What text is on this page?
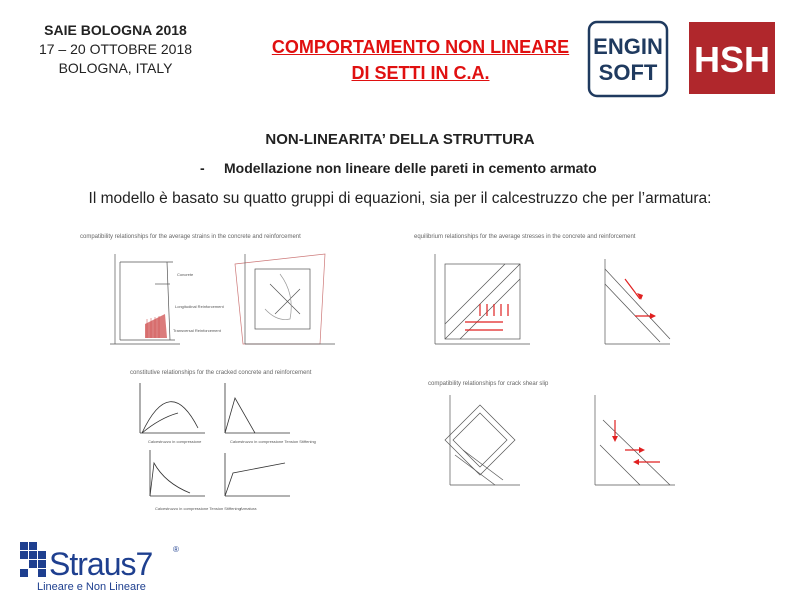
SAIE BOLOGNA 2018
17 – 20 OTTOBRE 2018
BOLOGNA, ITALY
COMPORTAMENTO NON LINEARE
DI SETTI IN C.A.
ENGIN
SOFT HSH
NON-LINEARITA’ DELLA STRUTTURA
- Modellazione non lineare delle pareti in cemento armato
Il modello è basato su quatto gruppi di equazioni, sia per il calcestruzzo che per l’armatura:
compatibility relationships for the average strains in the concrete and reinforcement
Concrete
Longitudinal Reinforcement
Transversal Reinforcement
equilibrium relationships for the average stresses in the concrete and reinforcement
constitutive relationships for the cracked concrete and reinforcement
Calcestruzzo in compressione	Calcestruzzo in compressione Tension Stiffening
Calcestruzzo in compressione Tension Stiffening Armatura
compatibility relationships for crack shear slip
Straus7	®
Lineare e Non Lineare
